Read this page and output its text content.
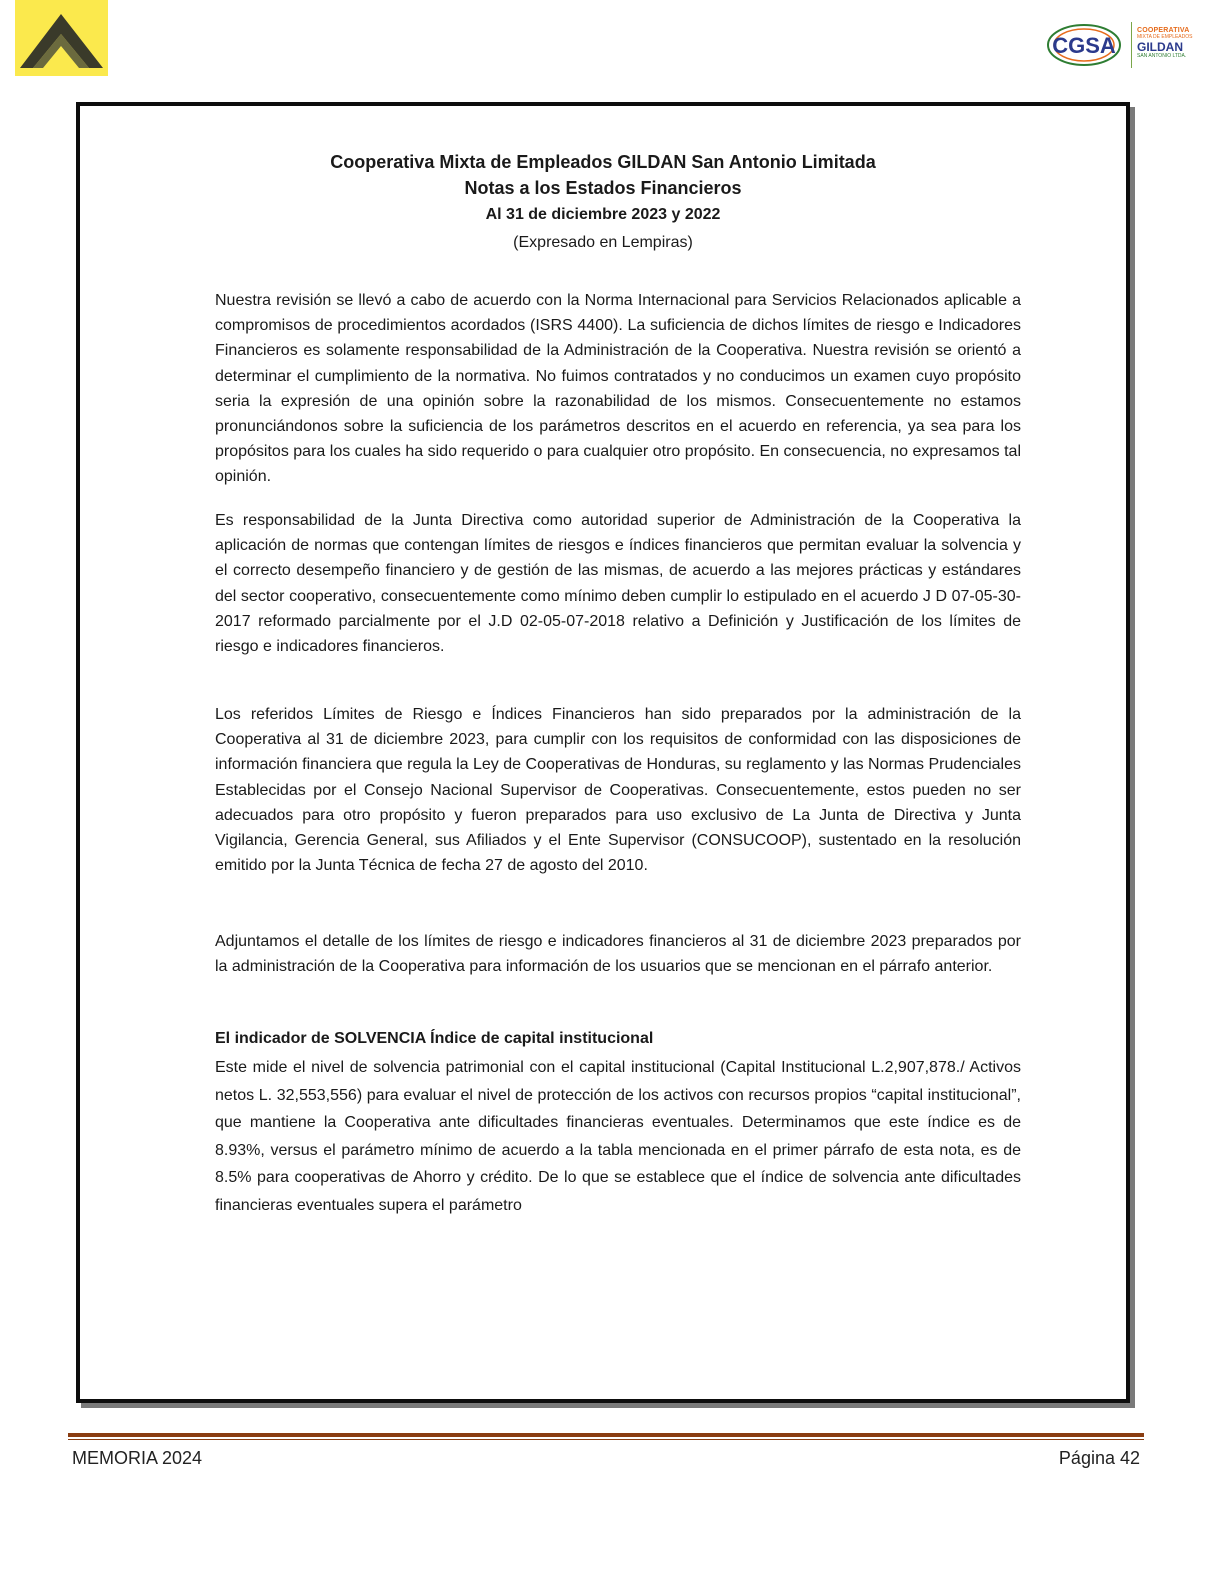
CGSA
COOPERATIVA
MIXTA DE EMPLEADOS
GILDAN
SAN ANTONIO LTDA.
Cooperativa Mixta de Empleados GILDAN San Antonio Limitada
Notas a los Estados Financieros
Al 31 de diciembre 2023 y 2022
(Expresado en Lempiras)

Nuestra revisión se llevó a cabo de acuerdo con la Norma Internacional para Servicios Relacionados aplicable a compromisos de procedimientos acordados (ISRS 4400). La suficiencia de dichos límites de riesgo e Indicadores Financieros es solamente responsabilidad de la Administración de la Cooperativa. Nuestra revisión se orientó a determinar el cumplimiento de la normativa. No fuimos contratados y no conducimos un examen cuyo propósito seria la expresión de una opinión sobre la razonabilidad de los mismos. Consecuentemente no estamos pronunciándonos sobre la suficiencia de los parámetros descritos en el acuerdo en referencia, ya sea para los propósitos para los cuales ha sido requerido o para cualquier otro propósito. En consecuencia, no expresamos tal opinión.

Es responsabilidad de la Junta Directiva como autoridad superior de Administración de la Cooperativa la aplicación de normas que contengan límites de riesgos e índices financieros que permitan evaluar la solvencia y el correcto desempeño financiero y de gestión de las mismas, de acuerdo a las mejores prácticas y estándares del sector cooperativo, consecuentemente como mínimo deben cumplir lo estipulado en el acuerdo J D 07-05-30-2017 reformado parcialmente por el J.D 02-05-07-2018 relativo a Definición y Justificación de los límites de riesgo e indicadores financieros.

Los referidos Límites de Riesgo e Índices Financieros han sido preparados por la administración de la Cooperativa al 31 de diciembre 2023, para cumplir con los requisitos de conformidad con las disposiciones de información financiera que regula la Ley de Cooperativas de Honduras, su reglamento y las Normas Prudenciales Establecidas por el Consejo Nacional Supervisor de Cooperativas. Consecuentemente, estos pueden no ser adecuados para otro propósito y fueron preparados para uso exclusivo de La Junta de Directiva y Junta Vigilancia, Gerencia General, sus Afiliados y el Ente Supervisor (CONSUCOOP), sustentado en la resolución emitido por la Junta Técnica de fecha 27 de agosto del 2010.

Adjuntamos el detalle de los límites de riesgo e indicadores financieros al 31 de diciembre 2023 preparados por la administración de la Cooperativa para información de los usuarios que se mencionan en el párrafo anterior.

El indicador de SOLVENCIA Índice de capital institucional

Este mide el nivel de solvencia patrimonial con el capital institucional (Capital Institucional L.2,907,878./ Activos netos L. 32,553,556) para evaluar el nivel de protección de los activos con recursos propios “capital institucional”, que mantiene la Cooperativa ante dificultades financieras eventuales. Determinamos que este índice es de 8.93%, versus el parámetro mínimo de acuerdo a la tabla mencionada en el primer párrafo de esta nota, es de 8.5% para cooperativas de Ahorro y crédito. De lo que se establece que el índice de solvencia ante dificultades financieras eventuales supera el parámetro

MEMORIA 2024	Página 42
